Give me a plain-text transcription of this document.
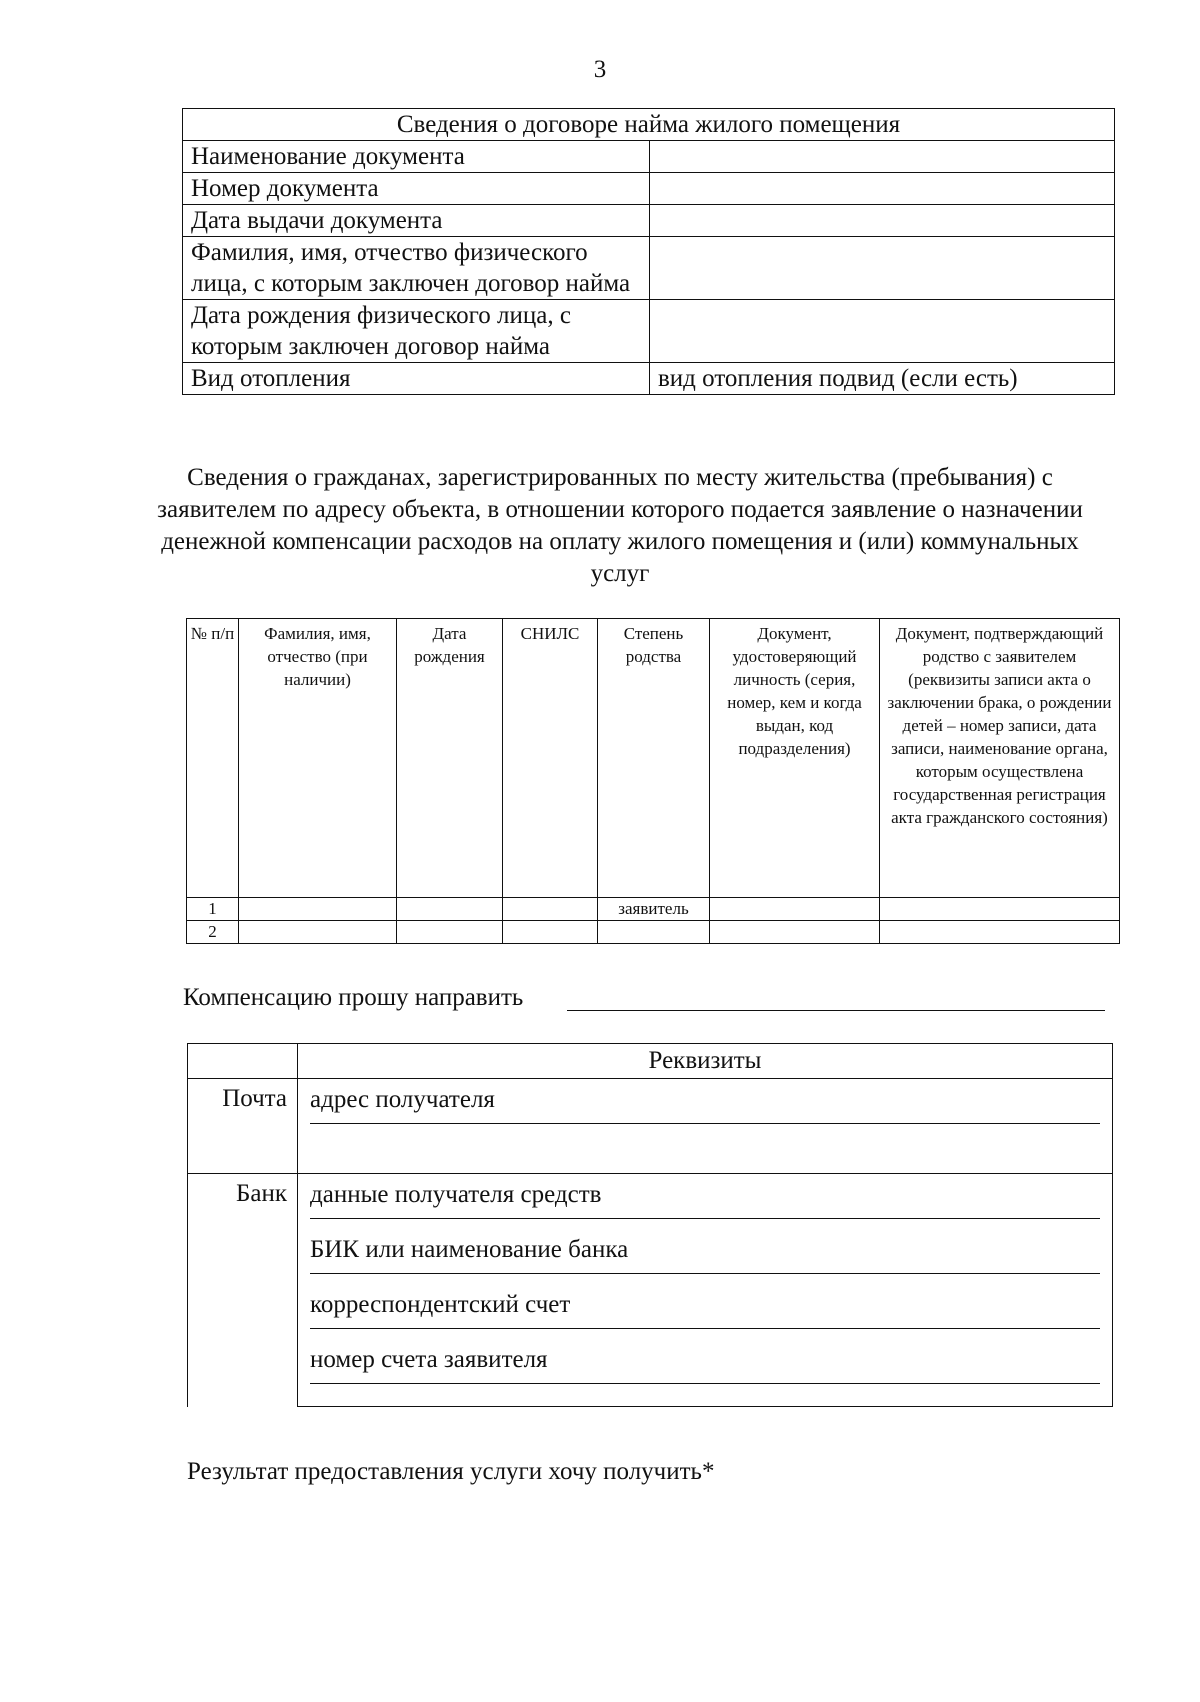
3
Сведения о договоре найма жилого помещения	
Наименование документа	
Номер документа	
Дата выдачи документа	
Фамилия, имя, отчество физического лица, с которым заключен договор найма	
Дата рождения физического лица, с которым заключен договор найма	
Вид отопления	вид отопления подвид (если есть)
Сведения о гражданах, зарегистрированных по месту жительства (пребывания) с заявителем по адресу объекта, в отношении которого подается заявление о назначении денежной компенсации расходов на оплату жилого помещения и (или) коммунальных услуг
№ п/п	Фамилия, имя, отчество (при наличии)	Дата рождения	СНИЛС	Степень родства	Документ, удостоверяющий личность (серия, номер, кем и когда выдан, код подразделения)	Документ, подтверждающий родство с заявителем (реквизиты записи акта о заключении брака, о рождении детей – номер записи, дата записи, наименование органа, которым осуществлена государственная регистрация акта гражданского состояния)
1				заявитель		
2						
Компенсацию прошу направить
	Реквизиты
Почта	адрес получателя

Банк	данные получателя средств
БИК или наименование банка
корреспондентский счет
номер счета заявителя
Результат предоставления услуги хочу получить*
